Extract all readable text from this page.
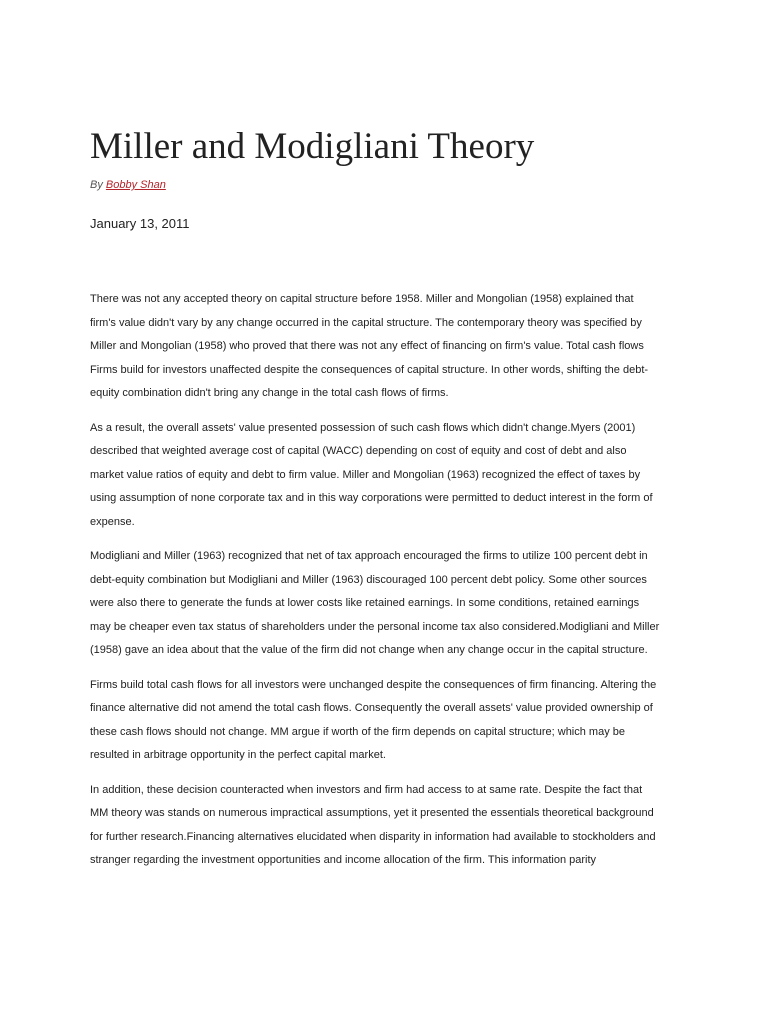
Miller and Modigliani Theory
By Bobby Shan
January 13, 2011

There was not any accepted theory on capital structure before 1958. Miller and Mongolian (1958) explained that
firm's value didn't vary by any change occurred in the capital structure. The contemporary theory was specified by
Miller and Mongolian (1958) who proved that there was not any effect of financing on firm's value. Total cash flows
Firms build for investors unaffected despite the consequences of capital structure. In other words, shifting the debt-
equity combination didn't bring any change in the total cash flows of firms.

As a result, the overall assets' value presented possession of such cash flows which didn't change.Myers (2001)
described that weighted average cost of capital (WACC) depending on cost of equity and cost of debt and also
market value ratios of equity and debt to firm value. Miller and Mongolian (1963) recognized the effect of taxes by
using assumption of none corporate tax and in this way corporations were permitted to deduct interest in the form of
expense.

Modigliani and Miller (1963) recognized that net of tax approach encouraged the firms to utilize 100 percent debt in
debt-equity combination but Modigliani and Miller (1963) discouraged 100 percent debt policy. Some other sources
were also there to generate the funds at lower costs like retained earnings. In some conditions, retained earnings
may be cheaper even tax status of shareholders under the personal income tax also considered.Modigliani and Miller
(1958) gave an idea about that the value of the firm did not change when any change occur in the capital structure.

Firms build total cash flows for all investors were unchanged despite the consequences of firm financing. Altering the
finance alternative did not amend the total cash flows. Consequently the overall assets' value provided ownership of
these cash flows should not change. MM argue if worth of the firm depends on capital structure; which may be
resulted in arbitrage opportunity in the perfect capital market.

In addition, these decision counteracted when investors and firm had access to at same rate. Despite the fact that
MM theory was stands on numerous impractical assumptions, yet it presented the essentials theoretical background
for further research.Financing alternatives elucidated when disparity in information had available to stockholders and
stranger regarding the investment opportunities and income allocation of the firm. This information parity
